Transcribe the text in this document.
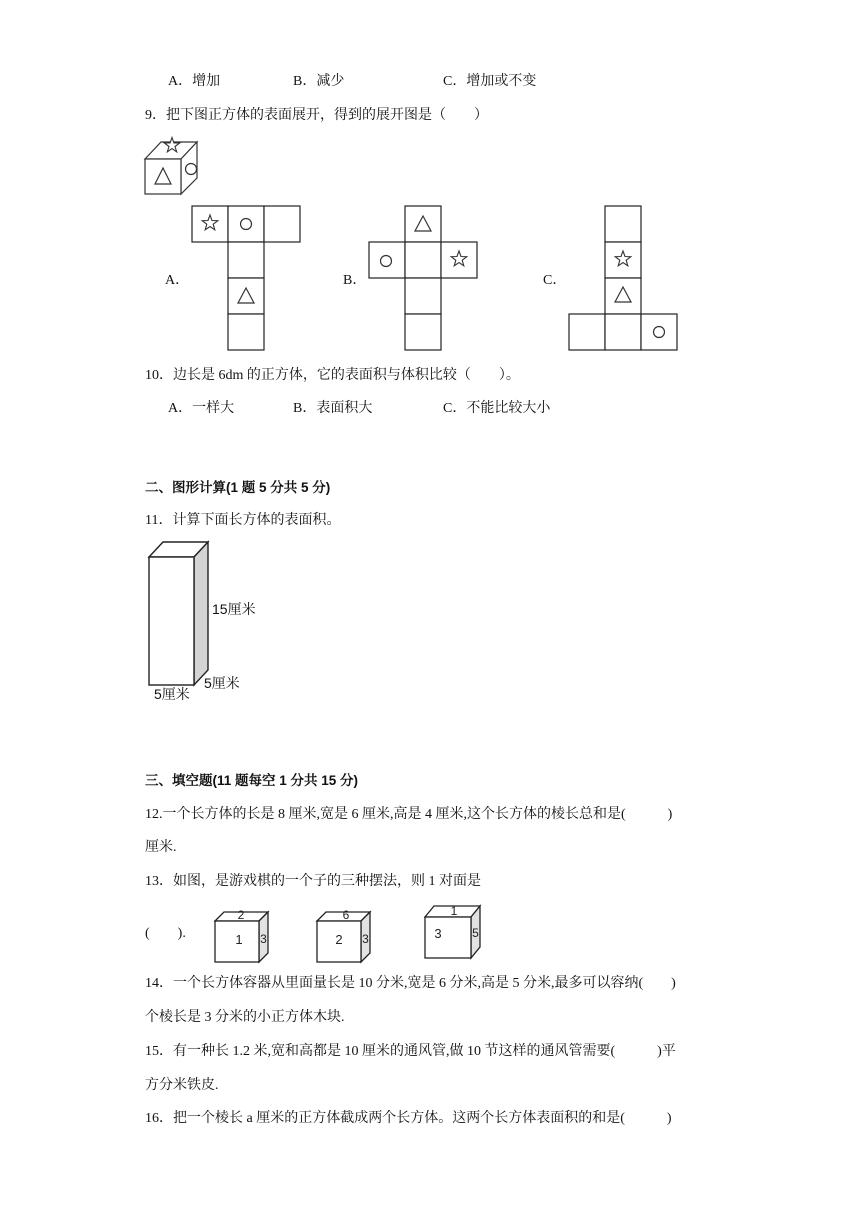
A．增加	B．减少	C．增加或不变
9．把下图正方体的表面展开，得到的展开图是（　　）
A．	B．	C．
10．边长是 6dm 的正方体，它的表面积与体积比较（　　）。
A．一样大	B．表面积大	C．不能比较大小
二、图形计算(1 题 5 分共 5 分)
11．计算下面长方体的表面积。
15厘米
5厘米
5厘米
三、填空题(11 题每空 1 分共 15 分)
12.一个长方体的长是 8 厘米,宽是 6 厘米,高是 4 厘米,这个长方体的棱长总和是(　　　)
厘米.
13．如图，是游戏棋的一个子的三种摆法，则 1 对面是
(　　).
2
1 3
6
2 3
1
3	5
14．一个长方体容器从里面量长是 10 分米,宽是 6 分米,高是 5 分米,最多可以容纳(　　)
个棱长是 3 分米的小正方体木块.
15．有一种长 1.2 米,宽和高都是 10 厘米的通风管,做 10 节这样的通风管需要(　　　)平
方分米铁皮.
16．把一个棱长 a 厘米的正方体截成两个长方体。这两个长方体表面积的和是(　　　)
